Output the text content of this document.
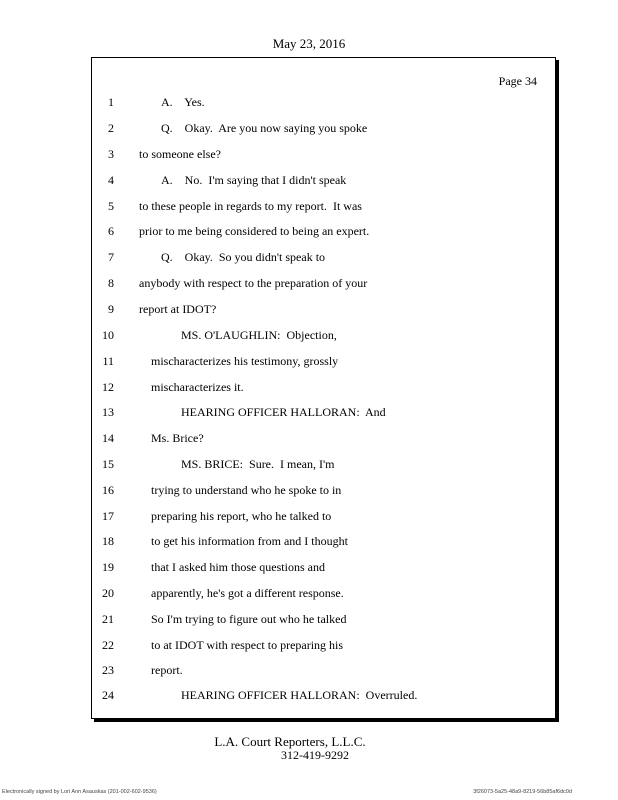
May 23, 2016
Page 34
1	A.    Yes.
2	Q.    Okay.  Are you now saying you spoke
3 to someone else?
4	A.    No.  I'm saying that I didn't speak
5 to these people in regards to my report.  It was
6 prior to me being considered to being an expert.
7	Q.    Okay.  So you didn't speak to
8 anybody with respect to the preparation of your
9 report at IDOT?
10	MS. O'LAUGHLIN:  Objection,
11	mischaracterizes his testimony, grossly
12	mischaracterizes it.
13	HEARING OFFICER HALLORAN:  And
14	Ms. Brice?
15	MS. BRICE:  Sure.  I mean, I'm
16	trying to understand who he spoke to in
17	preparing his report, who he talked to
18	to get his information from and I thought
19	that I asked him those questions and
20	apparently, he's got a different response.
21	So I'm trying to figure out who he talked
22	to at IDOT with respect to preparing his
23	report.
24	HEARING OFFICER HALLORAN:  Overruled.
L.A. Court Reporters, L.L.C.
312-419-9292
Electronically signed by Lori Ann Asauskas (201-002-602-9536)	3f26073-5a25-48a9-8219-56b85af6dc0d
